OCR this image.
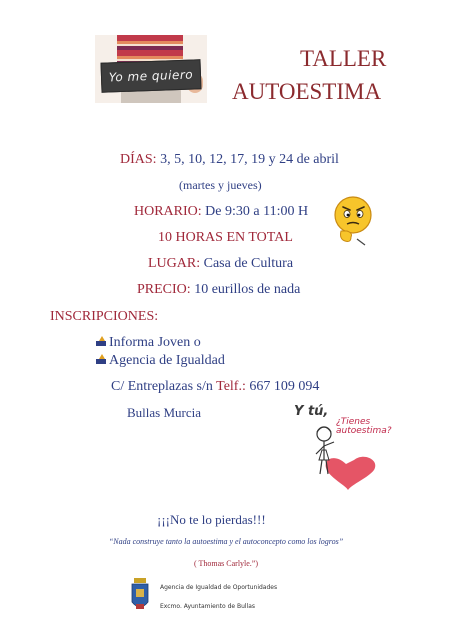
Yo me quiero
TALLER
AUTOESTIMA
DÍAS: 3, 5, 10, 12, 17, 19 y 24 de abril
(martes y jueves)
HORARIO: De 9:30 a 11:00 H
10 HORAS EN TOTAL
LUGAR: Casa de Cultura
PRECIO: 10 eurillos de nada
INSCRIPCIONES:
Informa Joven o
Agencia de Igualdad
C/ Entreplazas s/n Telf.: 667 109 094
Bullas Murcia	Y tú,
¿Tienes
autoestima?
¡¡¡No te lo pierdas!!!
“Nada construye tanto la autoestima y el autoconcepto como los logros”
( Thomas Carlyle.”)
Agencia de Igualdad de Oportunidades
Excmo. Ayuntamiento de Bullas
